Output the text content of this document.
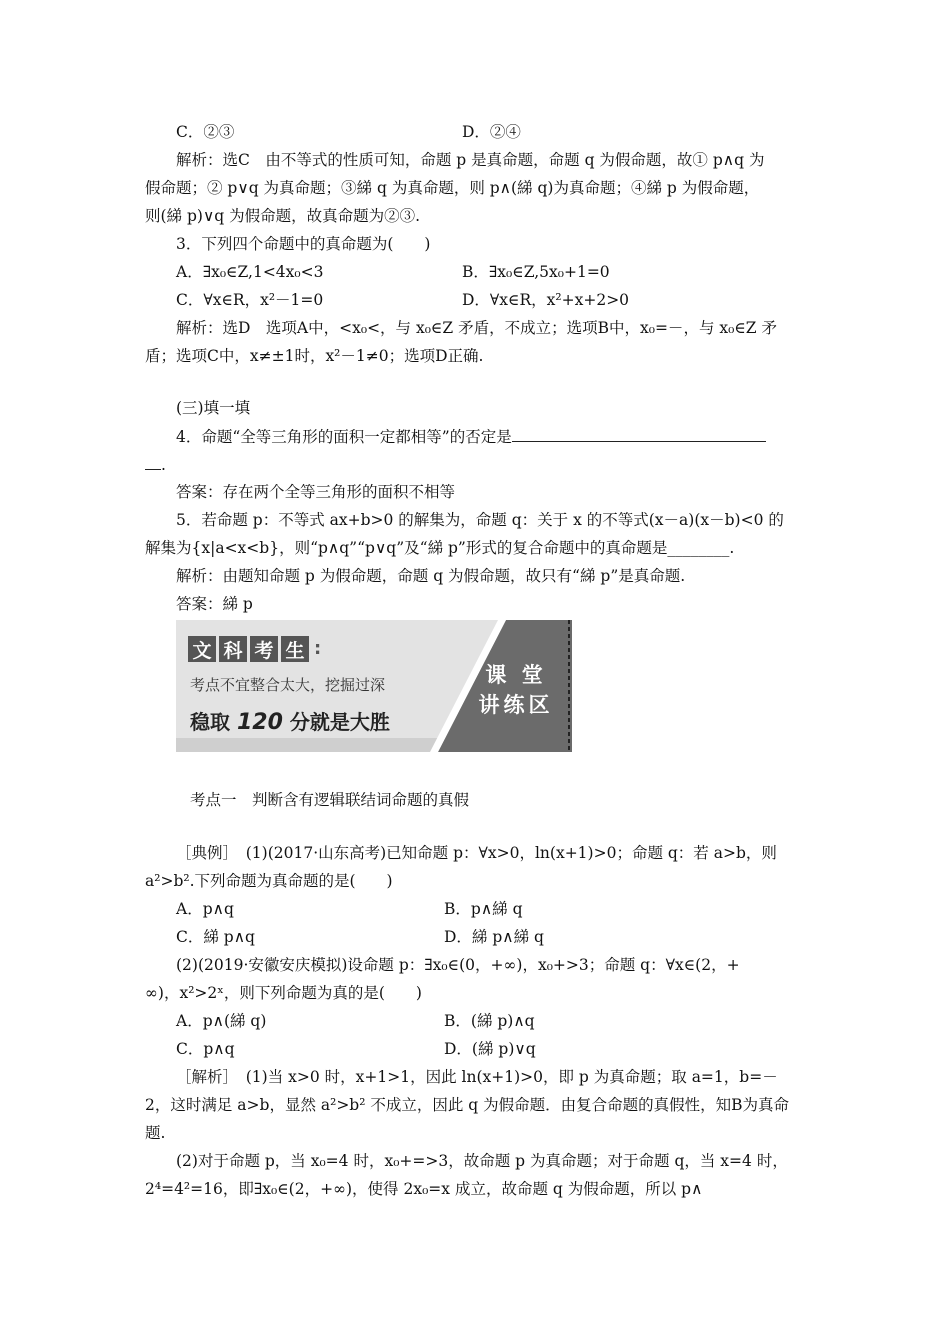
C．②③	D．②④
解析：选C　由不等式的性质可知，命题 p 是真命题，命题 q 为假命题，故① p∧q 为
假命题；② p∨q 为真命题；③綈 q 为真命题，则 p∧(綈 q)为真命题；④綈 p 为假命题，
则(綈 p)∨q 为假命题，故真命题为②③.
3．下列四个命题中的真命题为(　　)
A．∃x₀∈Z,1<4x₀<3	B．∃x₀∈Z,5x₀+1=0
C．∀x∈R，x²－1=0	D．∀x∈R，x²+x+2>0
解析：选D　选项A中，<x₀<，与 x₀∈Z 矛盾，不成立；选项B中，x₀=－，与 x₀∈Z 矛
盾；选项C中，x≠±1时，x²－1≠0；选项D正确.
(三)填一填
4．命题“全等三角形的面积一定都相等”的否定是
.
答案：存在两个全等三角形的面积不相等
5．若命题 p：不等式 ax+b>0 的解集为，命题 q：关于 x 的不等式(x－a)(x－b)<0 的
解集为{x|a<x<b}，则“p∧q”“p∨q”及“綈 p”形式的复合命题中的真命题是________.
解析：由题知命题 p 为假命题，命题 q 为假命题，故只有“綈 p”是真命题.
答案：綈 p
文 科 考 生 :
考点不宜整合太大，挖掘过深
稳取 120 分就是大胜
课 堂
讲练区
考点一　判断含有逻辑联结词命题的真假
［典例］　(1)(2017·山东高考)已知命题 p：∀x>0，ln(x+1)>0；命题 q：若 a>b，则
a²>b².下列命题为真命题的是(　　)
A．p∧q	B．p∧綈 q
C．綈 p∧q	D．綈 p∧綈 q
(2)(2019·安徽安庆模拟)设命题 p：∃x₀∈(0，+∞)，x₀+>3；命题 q：∀x∈(2，+
∞)，x²>2ˣ，则下列命题为真的是(　　)
A．p∧(綈 q)	B．(綈 p)∧q
C．p∧q	D．(綈 p)∨q
［解析］　(1)当 x>0 时，x+1>1，因此 ln(x+1)>0，即 p 为真命题；取 a=1，b=－
2，这时满足 a>b，显然 a²>b² 不成立，因此 q 为假命题．由复合命题的真假性，知B为真命
题.
(2)对于命题 p，当 x₀=4 时，x₀+=>3，故命题 p 为真命题；对于命题 q，当 x=4 时，
2⁴=4²=16，即∃x₀∈(2，+∞)，使得 2x₀=x 成立，故命题 q 为假命题，所以 p∧
